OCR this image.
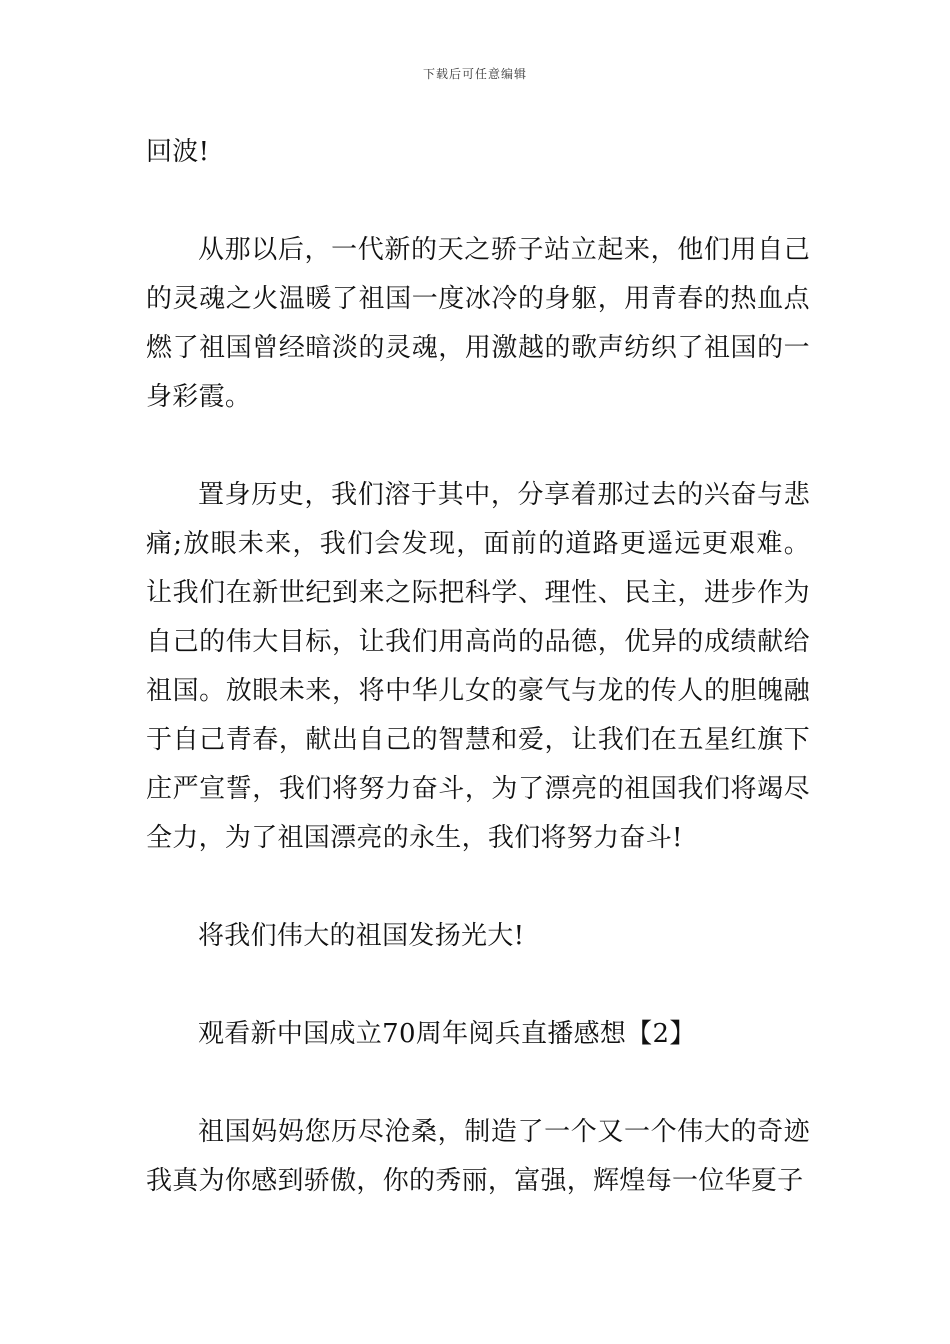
下载后可任意编辑

回波!

从那以后，一代新的天之骄子站立起来，他们用自己的灵魂之火温暖了祖国一度冰冷的身躯，用青春的热血点燃了祖国曾经暗淡的灵魂，用激越的歌声纺织了祖国的一身彩霞。

置身历史，我们溶于其中，分享着那过去的兴奋与悲痛;放眼未来，我们会发现，面前的道路更遥远更艰难。让我们在新世纪到来之际把科学、理性、民主，进步作为自己的伟大目标，让我们用高尚的品德，优异的成绩献给祖国。放眼未来，将中华儿女的豪气与龙的传人的胆魄融于自己青春，献出自己的智慧和爱，让我们在五星红旗下庄严宣誓，我们将努力奋斗，为了漂亮的祖国我们将竭尽全力，为了祖国漂亮的永生，我们将努力奋斗!

将我们伟大的祖国发扬光大!

观看新中国成立70周年阅兵直播感想【2】

祖国妈妈您历尽沧桑，制造了一个又一个伟大的奇迹我真为你感到骄傲，你的秀丽，富强，辉煌每一位华夏子
